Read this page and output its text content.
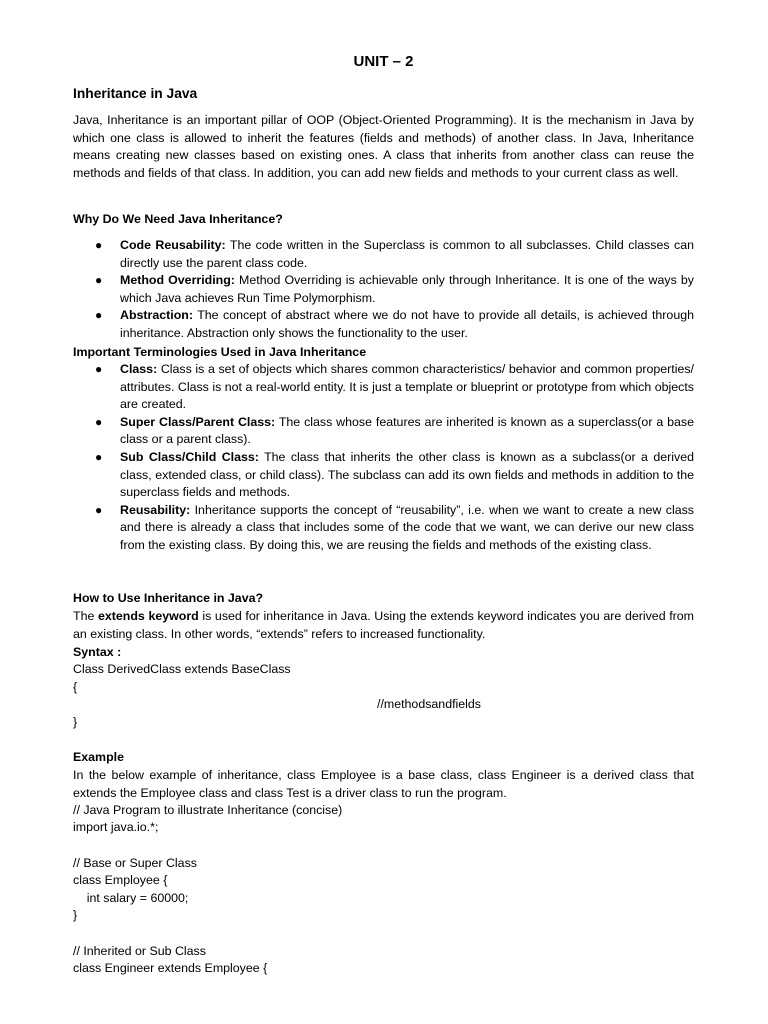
UNIT – 2
Inheritance in Java

Java, Inheritance is an important pillar of OOP (Object-Oriented Programming). It is the mechanism in Java by which one class is allowed to inherit the features (fields and methods) of another class. In Java, Inheritance means creating new classes based on existing ones. A class that inherits from another class can reuse the methods and fields of that class. In addition, you can add new fields and methods to your current class as well.

Why Do We Need Java Inheritance?
● Code Reusability: The code written in the Superclass is common to all subclasses. Child classes can directly use the parent class code.
● Method Overriding: Method Overriding is achievable only through Inheritance. It is one of the ways by which Java achieves Run Time Polymorphism.
● Abstraction: The concept of abstract where we do not have to provide all details, is achieved through inheritance. Abstraction only shows the functionality to the user.
Important Terminologies Used in Java Inheritance
● Class: Class is a set of objects which shares common characteristics/ behavior and common properties/ attributes. Class is not a real-world entity. It is just a template or blueprint or prototype from which objects are created.
● Super Class/Parent Class: The class whose features are inherited is known as a superclass(or a base class or a parent class).
● Sub Class/Child Class: The class that inherits the other class is known as a subclass(or a derived class, extended class, or child class). The subclass can add its own fields and methods in addition to the superclass fields and methods.
● Reusability: Inheritance supports the concept of “reusability”, i.e. when we want to create a new class and there is already a class that includes some of the code that we want, we can derive our new class from the existing class. By doing this, we are reusing the fields and methods of the existing class.
How to Use Inheritance in Java?

The extends keyword is used for inheritance in Java. Using the extends keyword indicates you are derived from an existing class. In other words, “extends” refers to increased functionality.

Syntax :
Class DerivedClass extends BaseClass
{
//methodsandfields
}
Example

In the below example of inheritance, class Employee is a base class, class Engineer is a derived class that extends the Employee class and class Test is a driver class to run the program.

// Java Program to illustrate Inheritance (concise)
import java.io.*;
// Base or Super Class
class Employee {
int salary = 60000;
}
// Inherited or Sub Class
class Engineer extends Employee {
